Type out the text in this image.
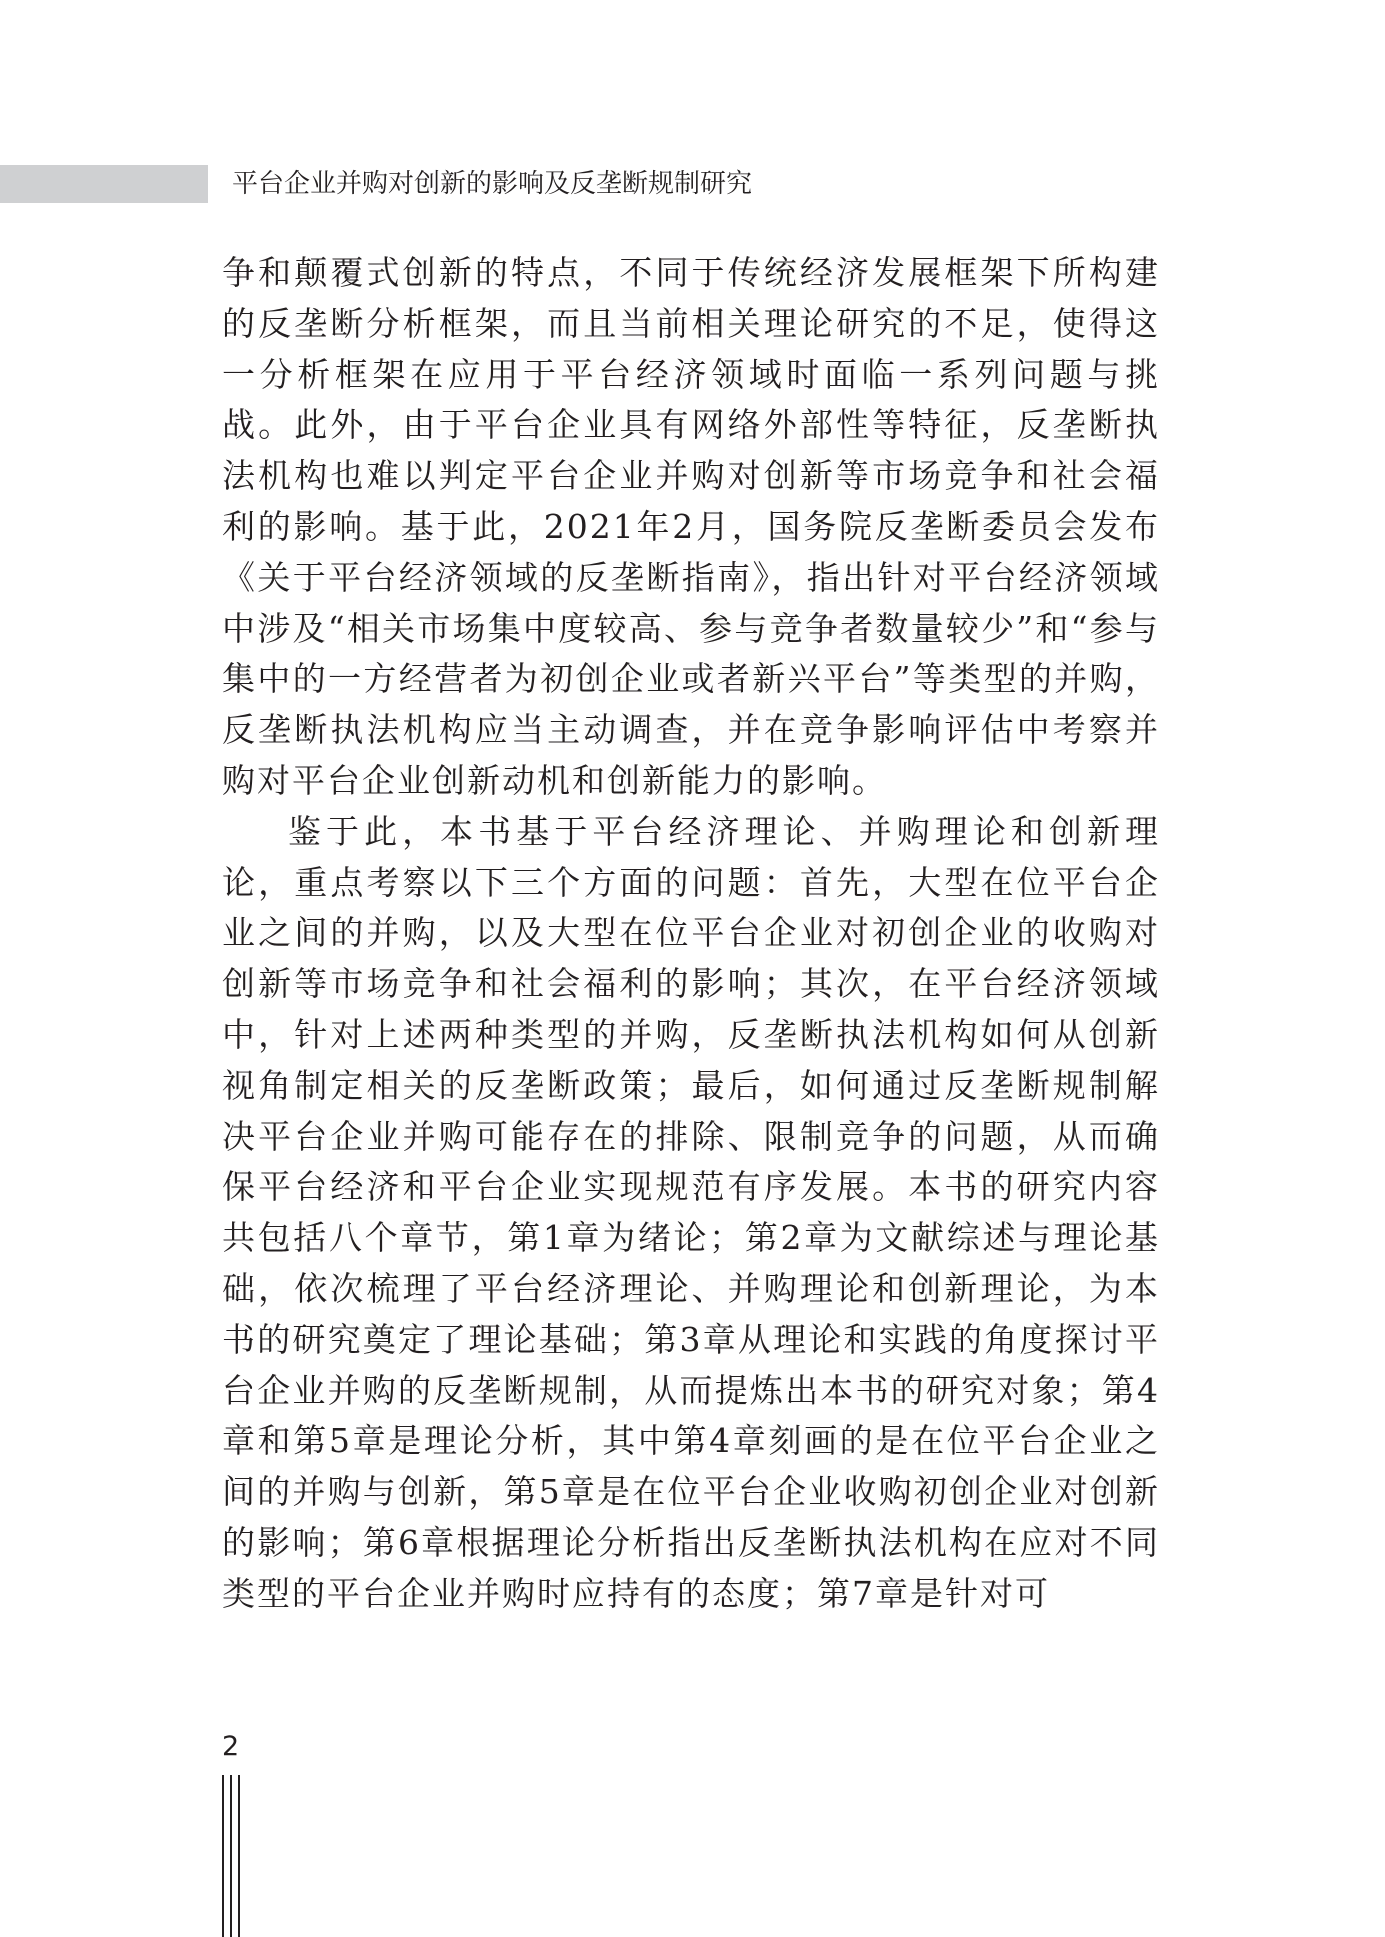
平台企业并购对创新的影响及反垄断规制研究

争和颠覆式创新的特点，不同于传统经济发展框架下所构建的反垄断分析框架，而且当前相关理论研究的不足，使得这一分析框架在应用于平台经济领域时面临一系列问题与挑战。此外，由于平台企业具有网络外部性等特征，反垄断执法机构也难以判定平台企业并购对创新等市场竞争和社会福利的影响。基于此，2021年2月，国务院反垄断委员会发布《关于平台经济领域的反垄断指南》，指出针对平台经济领域中涉及“相关市场集中度较高、参与竞争者数量较少”和“参与集中的一方经营者为初创企业或者新兴平台”等类型的并购，反垄断执法机构应当主动调查，并在竞争影响评估中考察并购对平台企业创新动机和创新能力的影响。

鉴于此，本书基于平台经济理论、并购理论和创新理论，重点考察以下三个方面的问题：首先，大型在位平台企业之间的并购，以及大型在位平台企业对初创企业的收购对创新等市场竞争和社会福利的影响；其次，在平台经济领域中，针对上述两种类型的并购，反垄断执法机构如何从创新视角制定相关的反垄断政策；最后，如何通过反垄断规制解决平台企业并购可能存在的排除、限制竞争的问题，从而确保平台经济和平台企业实现规范有序发展。本书的研究内容共包括八个章节，第1章为绪论；第2章为文献综述与理论基础，依次梳理了平台经济理论、并购理论和创新理论，为本书的研究奠定了理论基础；第3章从理论和实践的角度探讨平台企业并购的反垄断规制，从而提炼出本书的研究对象；第4章和第5章是理论分析，其中第4章刻画的是在位平台企业之间的并购与创新，第5章是在位平台企业收购初创企业对创新的影响；第6章根据理论分析指出反垄断执法机构在应对不同类型的平台企业并购时应持有的态度；第7章是针对可

2
